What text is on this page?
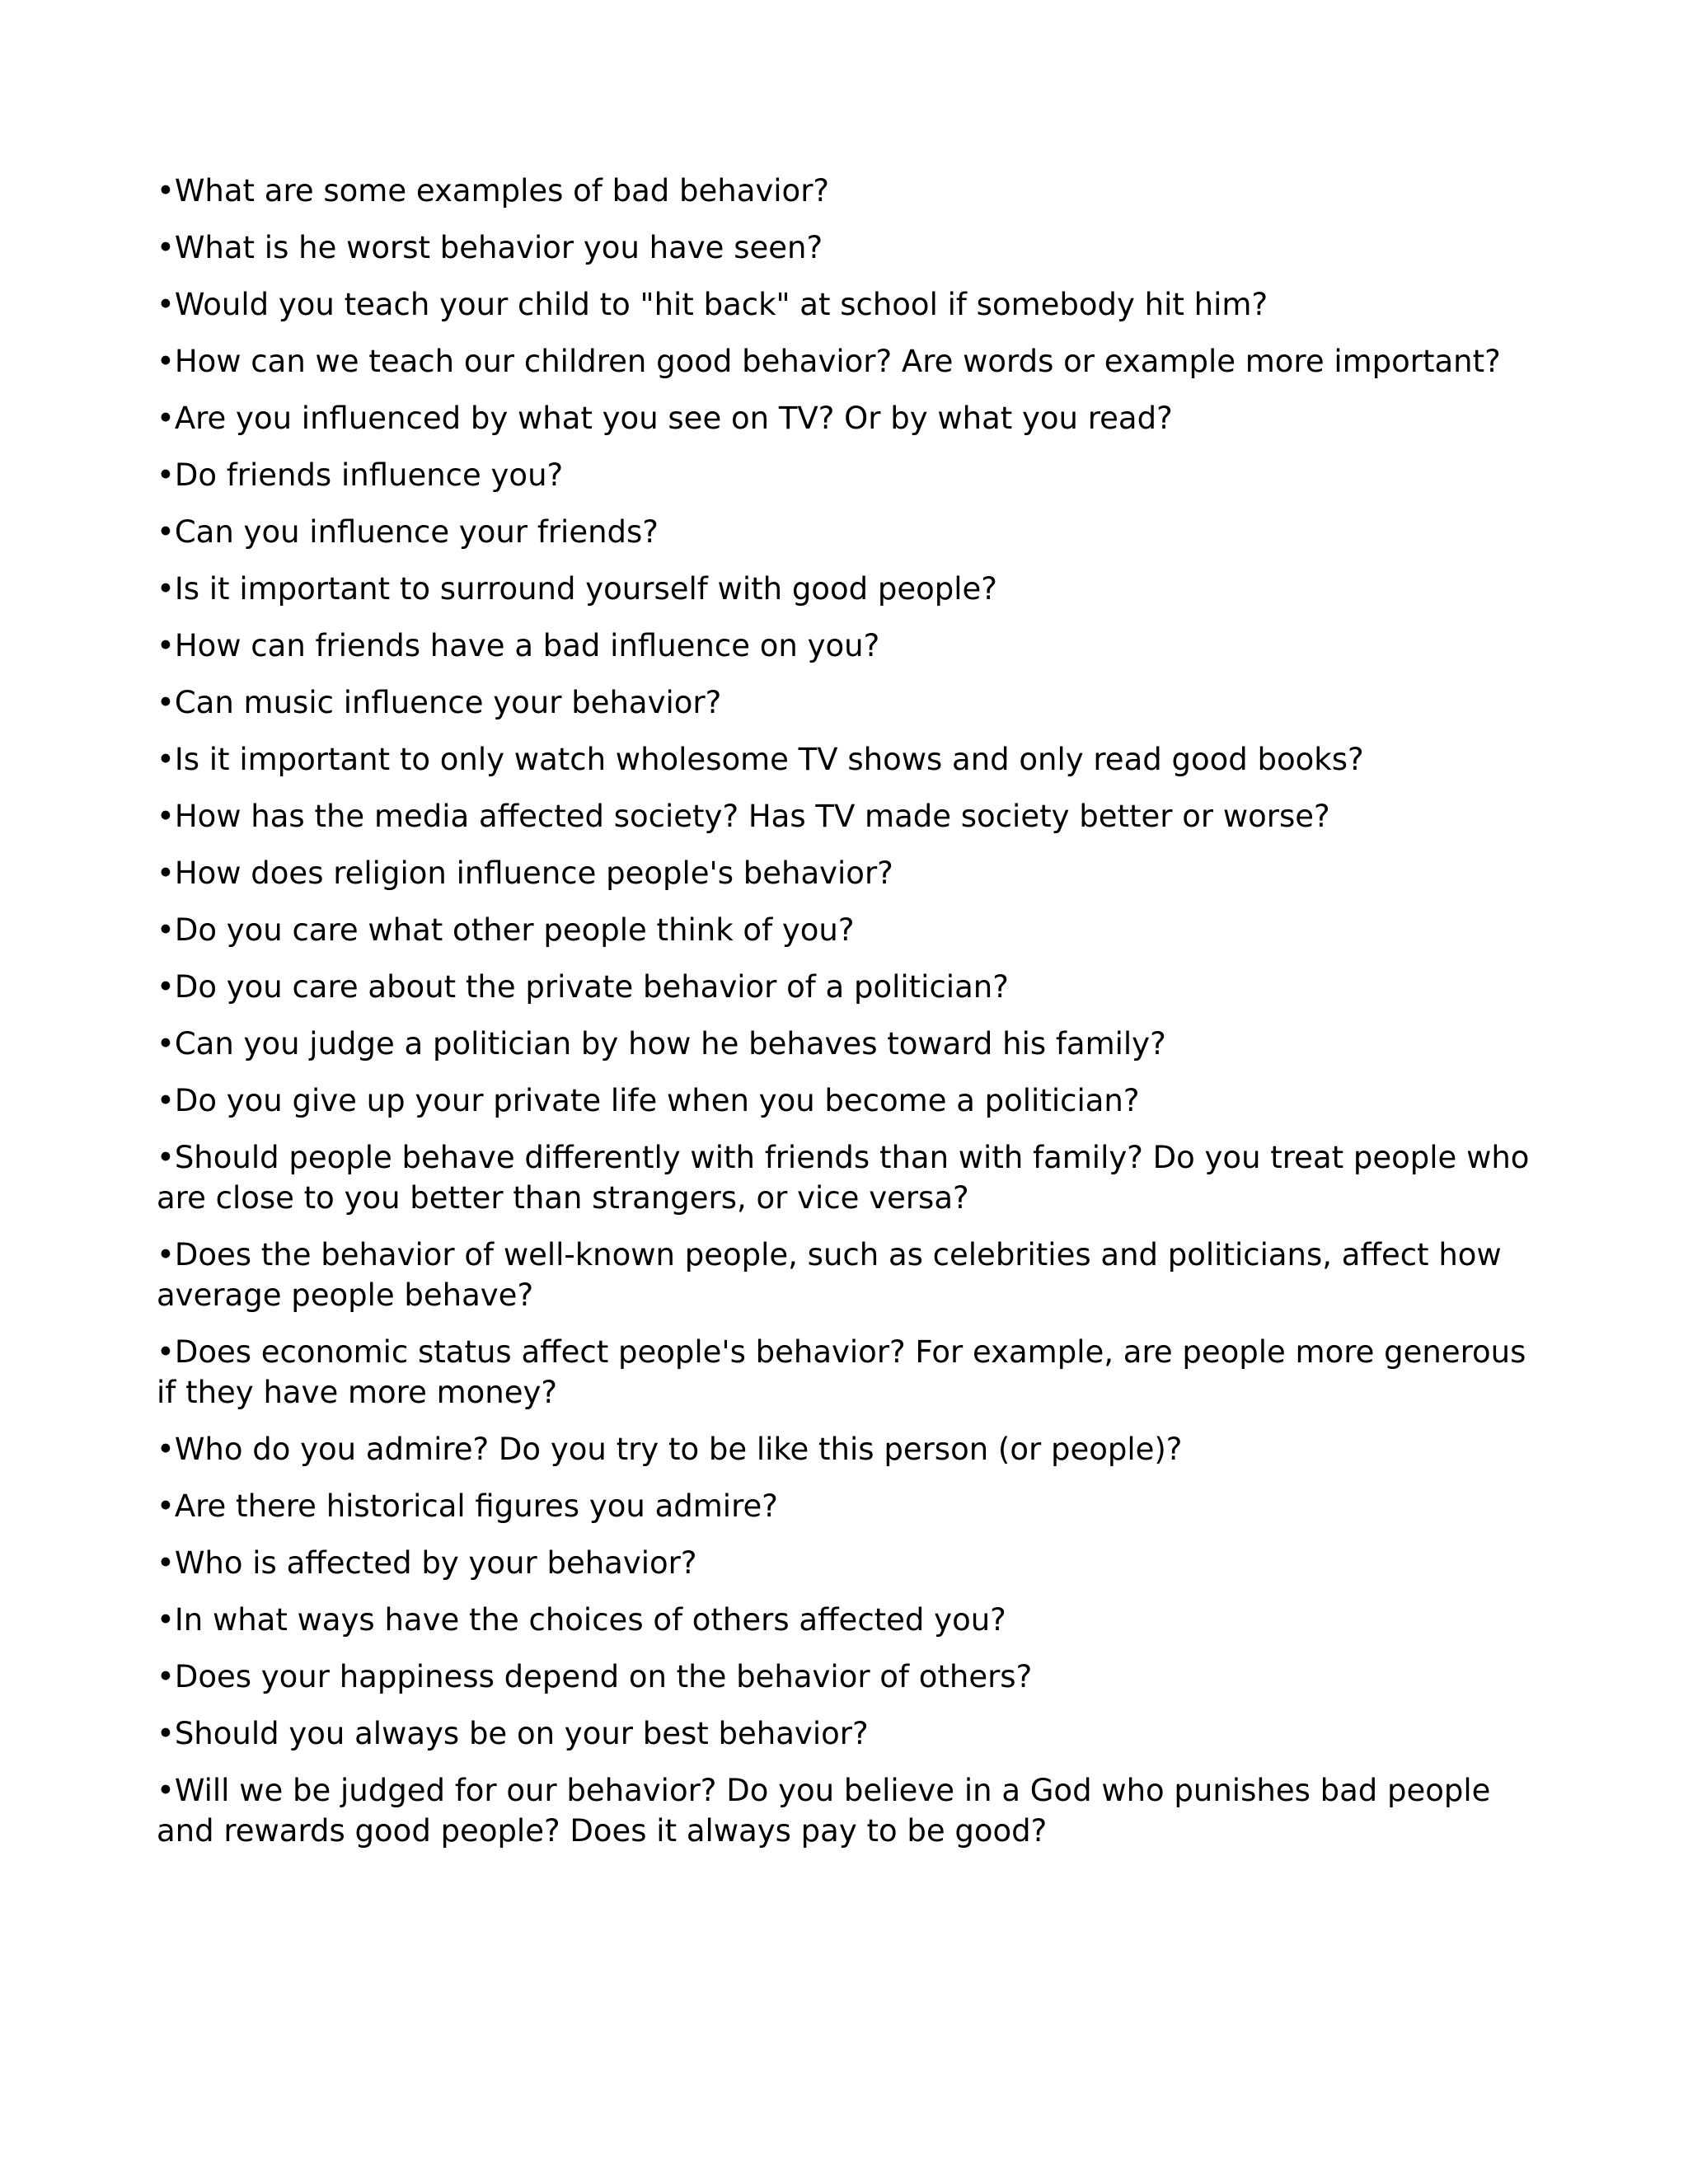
•What are some examples of bad behavior?
•What is he worst behavior you have seen?
•Would you teach your child to "hit back" at school if somebody hit him?
•How can we teach our children good behavior? Are words or example more important?
•Are you influenced by what you see on TV? Or by what you read?
•Do friends influence you?
•Can you influence your friends?
•Is it important to surround yourself with good people?
•How can friends have a bad influence on you?
•Can music influence your behavior?
•Is it important to only watch wholesome TV shows and only read good books?
•How has the media affected society? Has TV made society better or worse?
•How does religion influence people's behavior?
•Do you care what other people think of you?
•Do you care about the private behavior of a politician?
•Can you judge a politician by how he behaves toward his family?
•Do you give up your private life when you become a politician?
•Should people behave differently with friends than with family? Do you treat people who are close to you better than strangers, or vice versa?
•Does the behavior of well-known people, such as celebrities and politicians, affect how average people behave?
•Does economic status affect people's behavior? For example, are people more generous if they have more money?
•Who do you admire? Do you try to be like this person (or people)?
•Are there historical figures you admire?
•Who is affected by your behavior?
•In what ways have the choices of others affected you?
•Does your happiness depend on the behavior of others?
•Should you always be on your best behavior?
•Will we be judged for our behavior? Do you believe in a God who punishes bad people and rewards good people? Does it always pay to be good?
